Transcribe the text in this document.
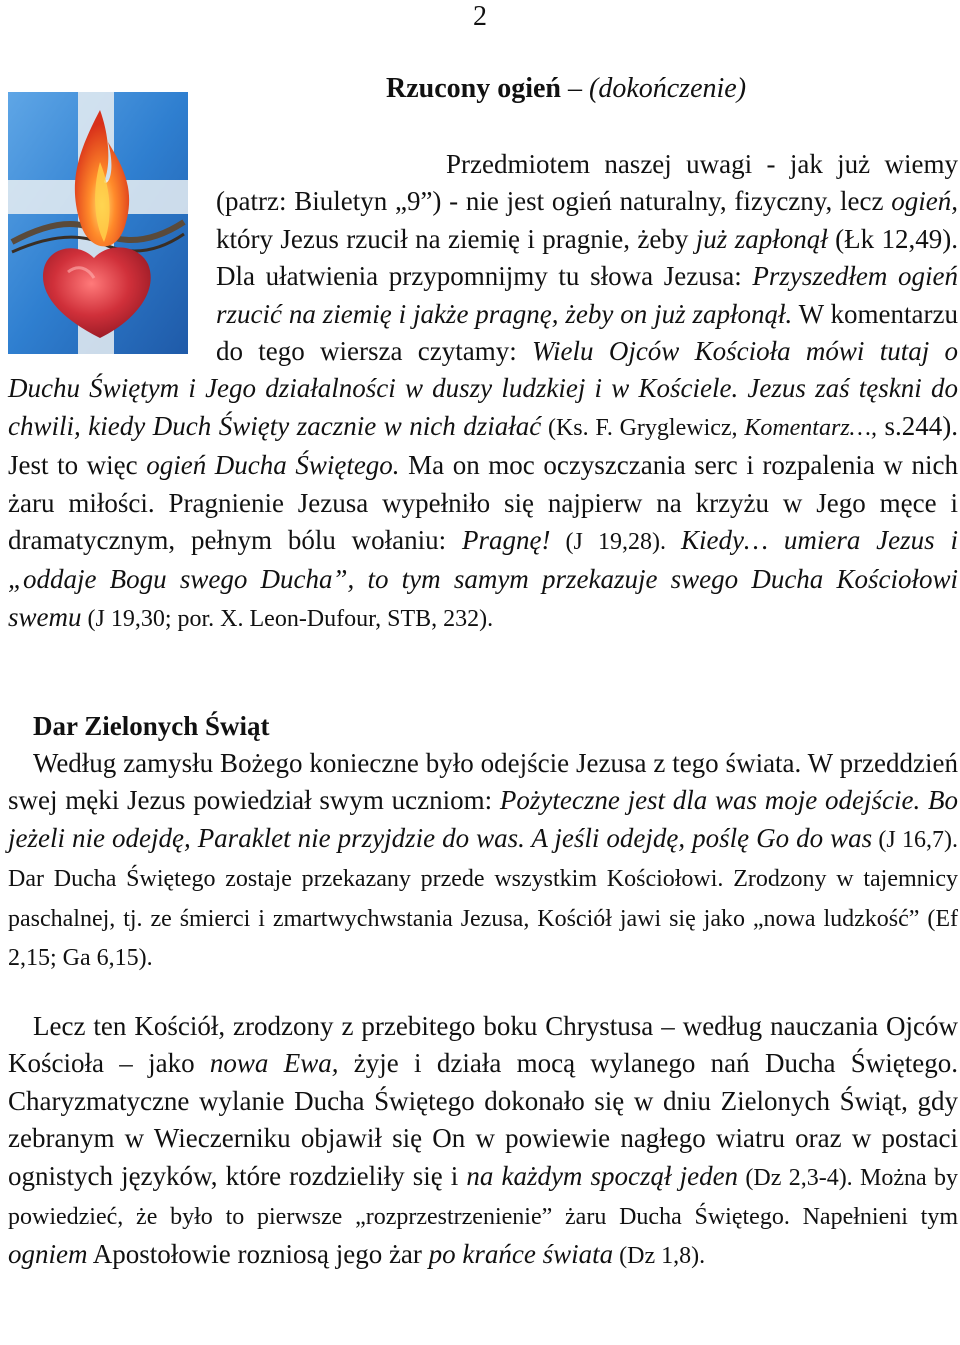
2
Rzucony ogień – (dokończenie)

Przedmiotem naszej uwagi - jak już wiemy (patrz: Biuletyn „9”) - nie jest ogień naturalny, fizyczny, lecz ogień, który Jezus rzucił na ziemię i pragnie, żeby już zapłonął (Łk 12,49). Dla ułatwienia przypomnijmy tu słowa Jezusa: Przyszedłem ogień rzucić na ziemię i jakże pragnę, żeby on już zapłonął. W komentarzu do tego wiersza czytamy: Wielu Ojców Kościoła mówi tutaj o Duchu Świętym i Jego działalności w duszy ludzkiej i w Kościele. Jezus zaś tęskni do chwili, kiedy Duch Święty zacznie w nich działać (Ks. F. Gryglewicz, Komentarz…, s.244). Jest to więc ogień Ducha Świętego. Ma on moc oczyszczania serc i rozpalenia w nich żaru miłości. Pragnienie Jezusa wypełniło się najpierw na krzyżu w Jego męce i dramatycznym, pełnym bólu wołaniu: Pragnę! (J 19,28). Kiedy… umiera Jezus i „oddaje Bogu swego Ducha”, to tym samym przekazuje swego Ducha Kościołowi swemu (J 19,30; por. X. Leon-Dufour, STB, 232).

Dar Zielonych Świąt

Według zamysłu Bożego konieczne było odejście Jezusa z tego świata. W przeddzień swej męki Jezus powiedział swym uczniom: Pożyteczne jest dla was moje odejście. Bo jeżeli nie odejdę, Paraklet nie przyjdzie do was. A jeśli odejdę, poślę Go do was (J 16,7). Dar Ducha Świętego zostaje przekazany przede wszystkim Kościołowi. Zrodzony w tajemnicy paschalnej, tj. ze śmierci i zmartwychwstania Jezusa, Kościół jawi się jako „nowa ludzkość” (Ef 2,15; Ga 6,15).

Lecz ten Kościół, zrodzony z przebitego boku Chrystusa – według nauczania Ojców Kościoła – jako nowa Ewa, żyje i działa mocą wylanego nań Ducha Świętego. Charyzmatyczne wylanie Ducha Świętego dokonało się w dniu Zielonych Świąt, gdy zebranym w Wieczerniku objawił się On w powiewie nagłego wiatru oraz w postaci ognistych języków, które rozdzieliły się i na każdym spoczął jeden (Dz 2,3-4). Można by powiedzieć, że było to pierwsze „rozprzestrzenienie” żaru Ducha Świętego. Napełnieni tym ogniem Apostołowie rozniosą jego żar po krańce świata (Dz 1,8).
